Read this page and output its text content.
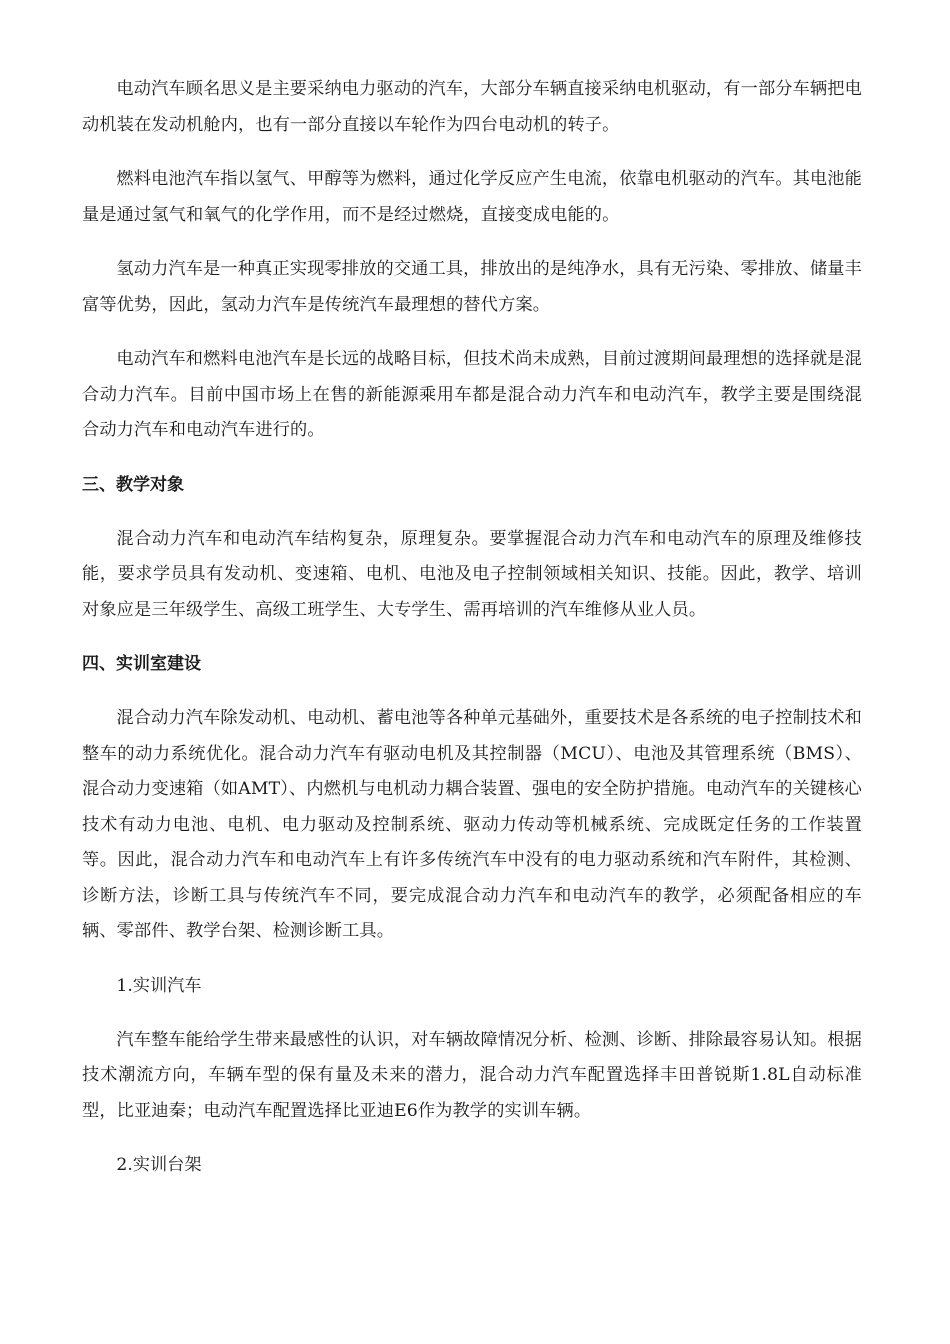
电动汽车顾名思义是主要采纳电力驱动的汽车，大部分车辆直接采纳电机驱动，有一部分车辆把电动机装在发动机舱内，也有一部分直接以车轮作为四台电动机的转子。

燃料电池汽车指以氢气、甲醇等为燃料，通过化学反应产生电流，依靠电机驱动的汽车。其电池能量是通过氢气和氧气的化学作用，而不是经过燃烧，直接变成电能的。

氢动力汽车是一种真正实现零排放的交通工具，排放出的是纯净水，具有无污染、零排放、储量丰富等优势，因此，氢动力汽车是传统汽车最理想的替代方案。

电动汽车和燃料电池汽车是长远的战略目标，但技术尚未成熟，目前过渡期间最理想的选择就是混合动力汽车。目前中国市场上在售的新能源乘用车都是混合动力汽车和电动汽车，教学主要是围绕混合动力汽车和电动汽车进行的。

三、教学对象

混合动力汽车和电动汽车结构复杂，原理复杂。要掌握混合动力汽车和电动汽车的原理及维修技能，要求学员具有发动机、变速箱、电机、电池及电子控制领域相关知识、技能。因此，教学、培训对象应是三年级学生、高级工班学生、大专学生、需再培训的汽车维修从业人员。

四、实训室建设

混合动力汽车除发动机、电动机、蓄电池等各种单元基础外，重要技术是各系统的电子控制技术和整车的动力系统优化。混合动力汽车有驱动电机及其控制器（MCU）、电池及其管理系统（BMS）、混合动力变速箱（如AMT）、内燃机与电机动力耦合装置、强电的安全防护措施。电动汽车的关键核心技术有动力电池、电机、电力驱动及控制系统、驱动力传动等机械系统、完成既定任务的工作装置等。因此，混合动力汽车和电动汽车上有许多传统汽车中没有的电力驱动系统和汽车附件，其检测、诊断方法，诊断工具与传统汽车不同，要完成混合动力汽车和电动汽车的教学，必须配备相应的车辆、零部件、教学台架、检测诊断工具。

1.实训汽车

汽车整车能给学生带来最感性的认识，对车辆故障情况分析、检测、诊断、排除最容易认知。根据技术潮流方向，车辆车型的保有量及未来的潜力，混合动力汽车配置选择丰田普锐斯1.8L自动标准型，比亚迪秦；电动汽车配置选择比亚迪E6作为教学的实训车辆。

2.实训台架
